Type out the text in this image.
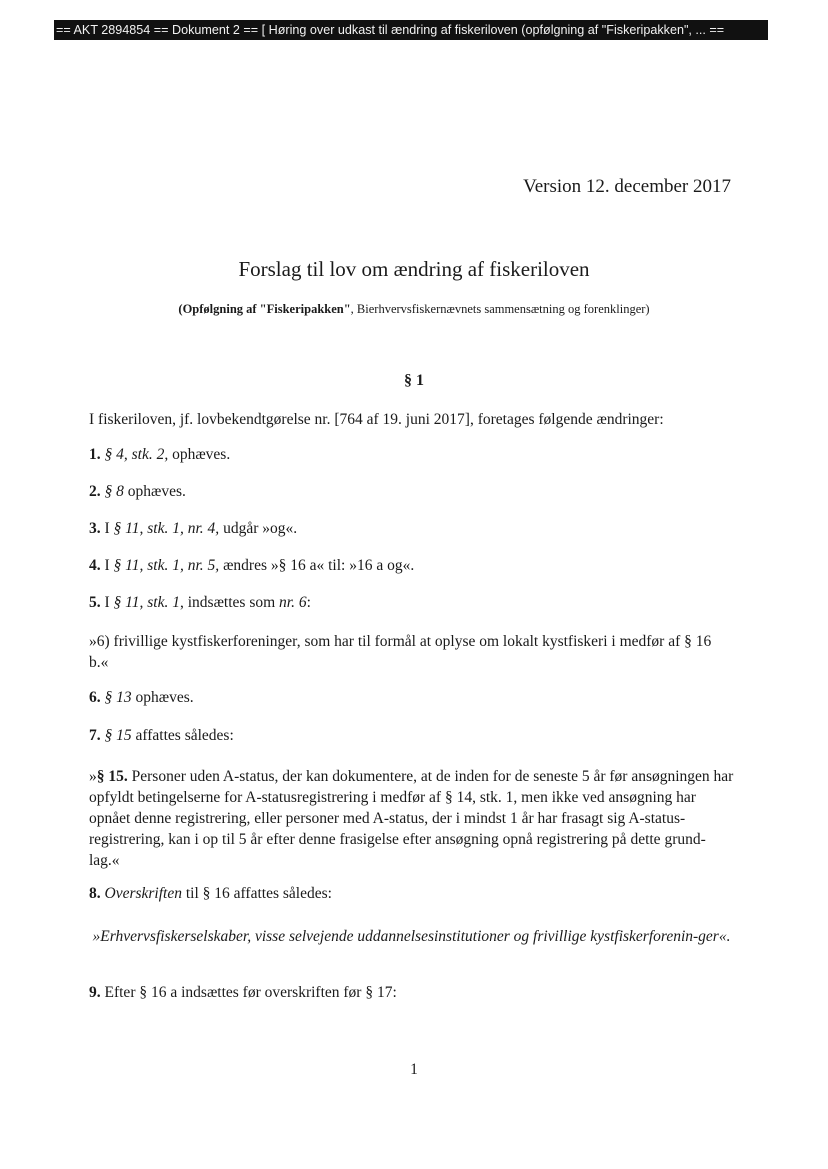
== AKT 2894854 == Dokument 2 == [ Høring over udkast til ændring af fiskeriloven (opfølgning af "Fiskeripakken", ... ==
Version 12. december 2017
Forslag til lov om ændring af fiskeriloven
(Opfølgning af "Fiskeripakken", Bierhvervsfiskernævnets sammensætning og forenklinger)
§ 1
I fiskeriloven, jf. lovbekendtgørelse nr. [764 af 19. juni 2017], foretages følgende ændringer:
1. § 4, stk. 2, ophæves.
2. § 8 ophæves.
3. I § 11, stk. 1, nr. 4, udgår »og«.
4. I § 11, stk. 1, nr. 5, ændres »§ 16 a« til: »16 a og«.
5. I § 11, stk. 1, indsættes som nr. 6:
»6) frivillige kystfiskerforeninger, som har til formål at oplyse om lokalt kystfiskeri i medfør af § 16 b.«
6. § 13 ophæves.
7. § 15 affattes således:
»§ 15. Personer uden A-status, der kan dokumentere, at de inden for de seneste 5 år før ansøgningen har opfyldt betingelserne for A-statusregistrering i medfør af § 14, stk. 1, men ikke ved ansøgning har opnået denne registrering, eller personer med A-status, der i mindst 1 år har frasagt sig A-status-registrering, kan i op til 5 år efter denne frasigelse efter ansøgning opnå registrering på dette grund-lag.«
8. Overskriften til § 16 affattes således:
»Erhvervsfiskerselskaber, visse selvejende uddannelsesinstitutioner og frivillige kystfiskerforenin-ger«.
9. Efter § 16 a indsættes før overskriften før § 17:
1
